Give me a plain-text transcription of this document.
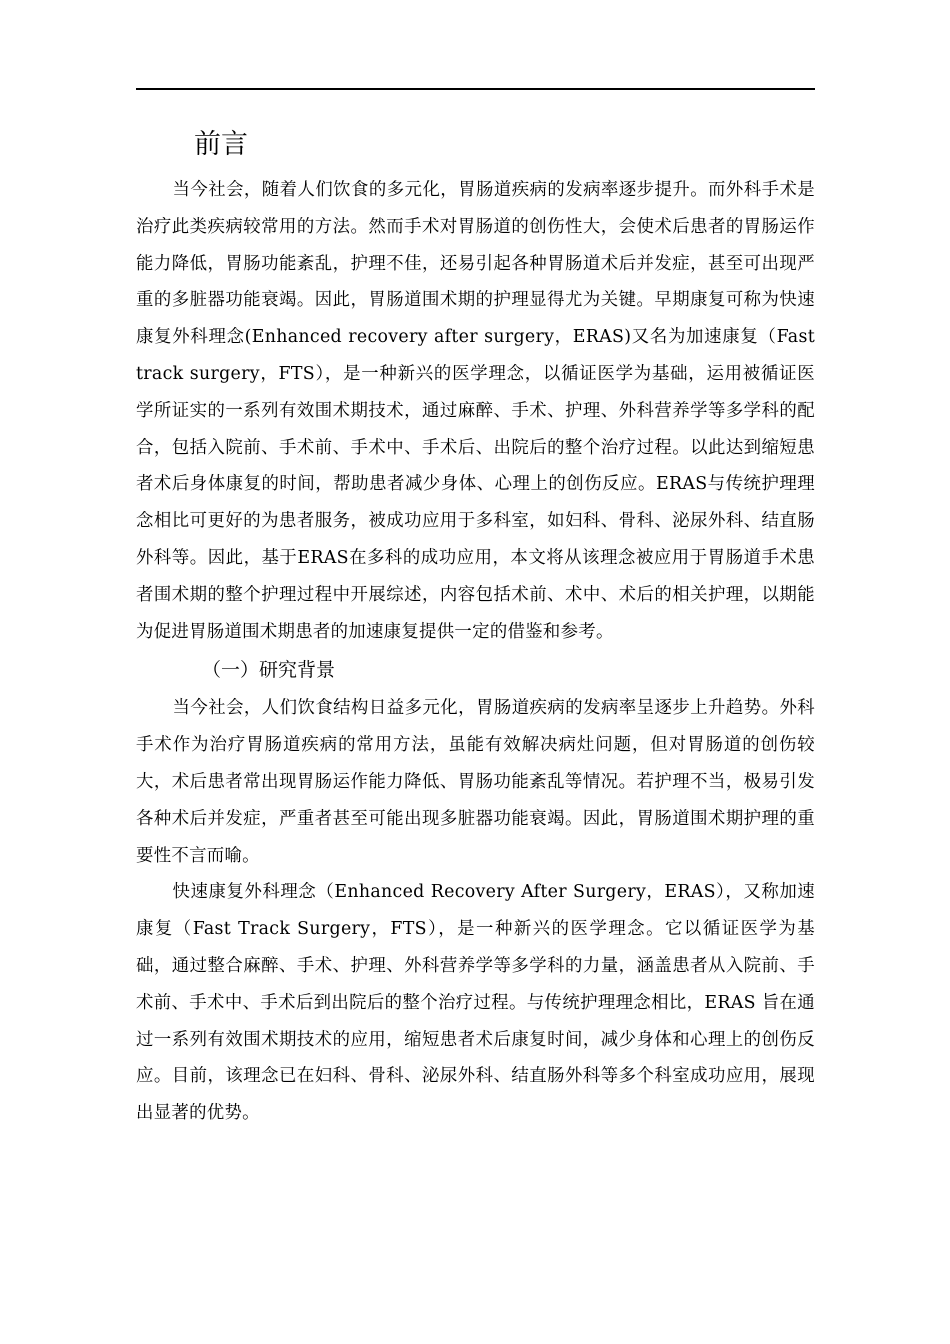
前言

当今社会，随着人们饮食的多元化，胃肠道疾病的发病率逐步提升。而外科手术是治疗此类疾病较常用的方法。然而手术对胃肠道的创伤性大，会使术后患者的胃肠运作能力降低，胃肠功能紊乱，护理不佳，还易引起各种胃肠道术后并发症，甚至可出现严重的多脏器功能衰竭。因此，胃肠道围术期的护理显得尤为关键。早期康复可称为快速康复外科理念(Enhanced recovery after surgery，ERAS)又名为加速康复（Fast track surgery，FTS），是一种新兴的医学理念，以循证医学为基础，运用被循证医学所证实的一系列有效围术期技术，通过麻醉、手术、护理、外科营养学等多学科的配合，包括入院前、手术前、手术中、手术后、出院后的整个治疗过程。以此达到缩短患者术后身体康复的时间，帮助患者减少身体、心理上的创伤反应。ERAS与传统护理理念相比可更好的为患者服务，被成功应用于多科室，如妇科、骨科、泌尿外科、结直肠外科等。因此，基于ERAS在多科的成功应用，本文将从该理念被应用于胃肠道手术患者围术期的整个护理过程中开展综述，内容包括术前、术中、术后的相关护理，以期能为促进胃肠道围术期患者的加速康复提供一定的借鉴和参考。

（一）研究背景

当今社会，人们饮食结构日益多元化，胃肠道疾病的发病率呈逐步上升趋势。外科手术作为治疗胃肠道疾病的常用方法，虽能有效解决病灶问题，但对胃肠道的创伤较大，术后患者常出现胃肠运作能力降低、胃肠功能紊乱等情况。若护理不当，极易引发各种术后并发症，严重者甚至可能出现多脏器功能衰竭。因此，胃肠道围术期护理的重要性不言而喻。

快速康复外科理念（Enhanced Recovery After Surgery，ERAS），又称加速康复（Fast Track Surgery，FTS），是一种新兴的医学理念。它以循证医学为基础，通过整合麻醉、手术、护理、外科营养学等多学科的力量，涵盖患者从入院前、手术前、手术中、手术后到出院后的整个治疗过程。与传统护理理念相比，ERAS 旨在通过一系列有效围术期技术的应用，缩短患者术后康复时间，减少身体和心理上的创伤反应。目前，该理念已在妇科、骨科、泌尿外科、结直肠外科等多个科室成功应用，展现出显著的优势。
